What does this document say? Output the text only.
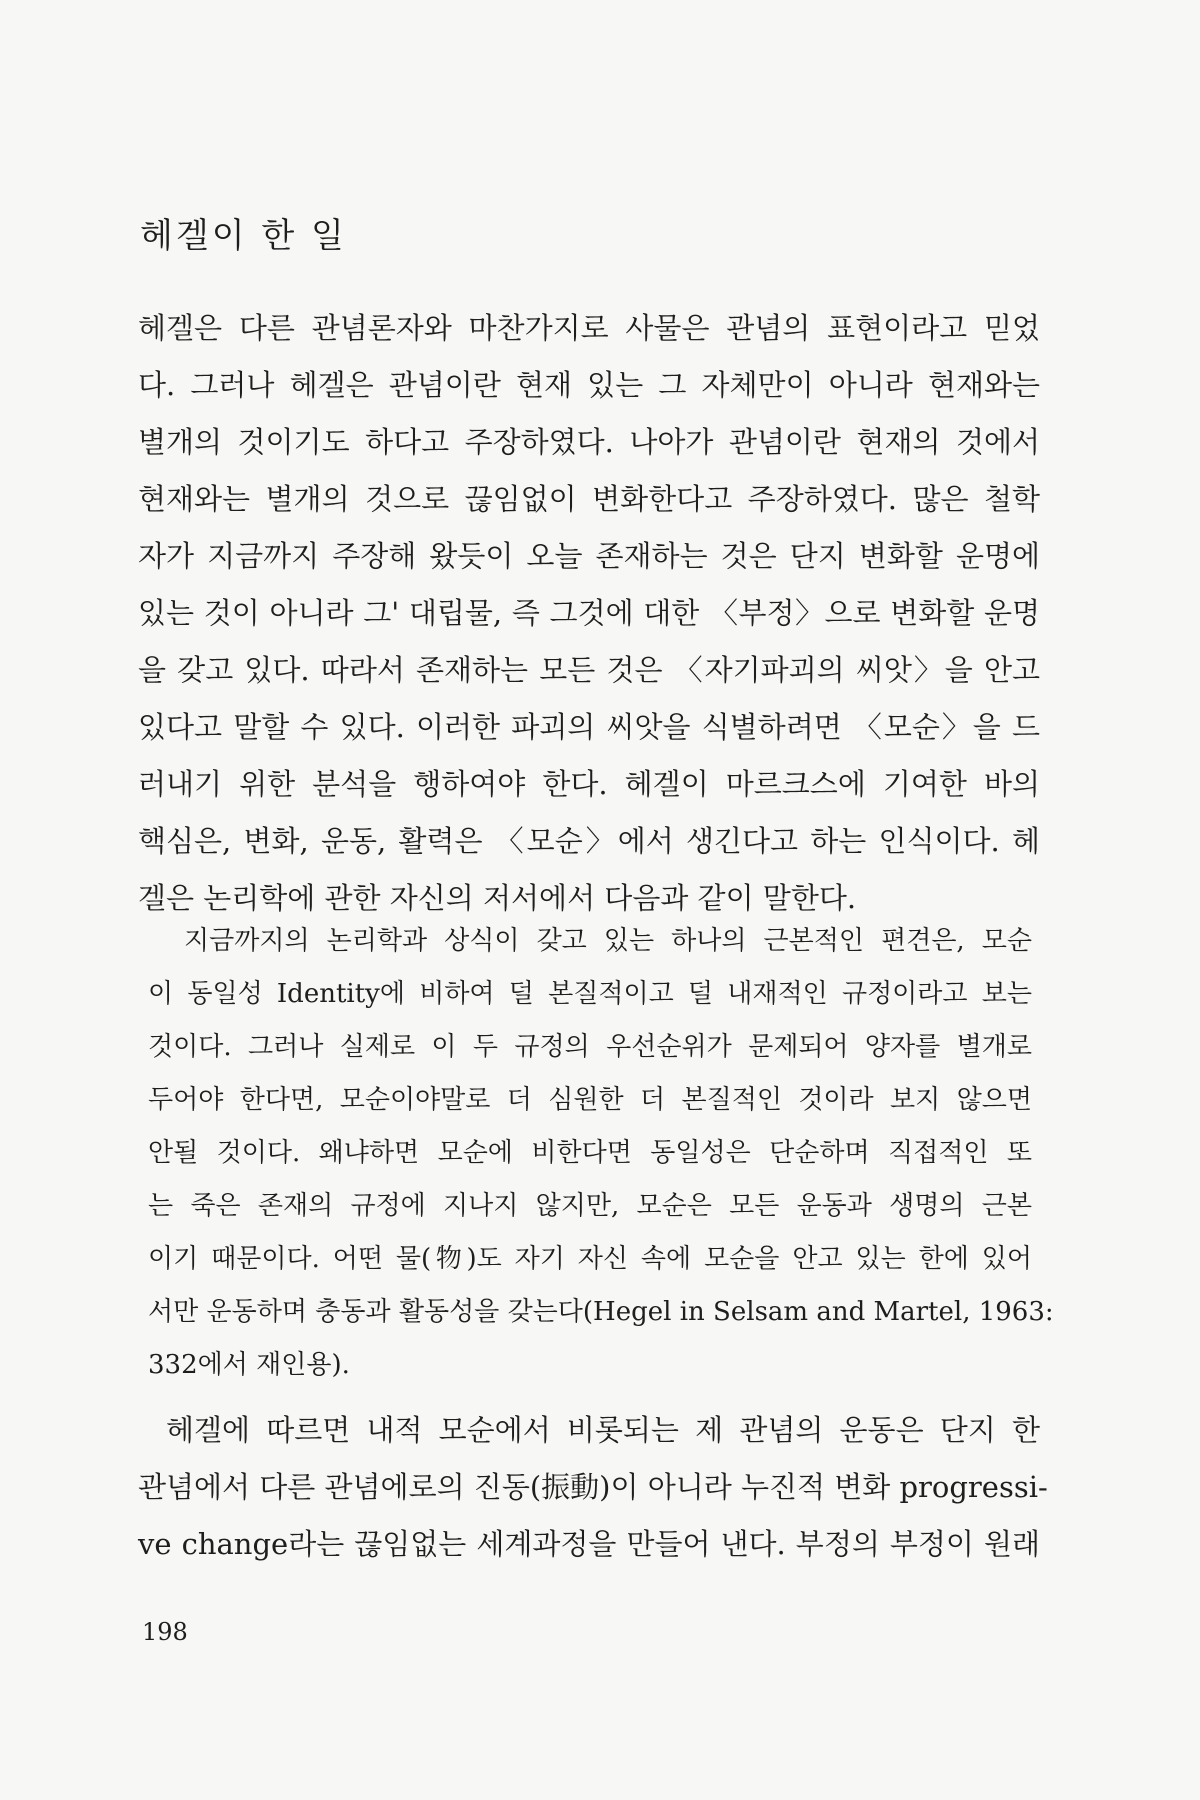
헤겔이 한 일

헤겔은 다른 관념론자와 마찬가지로 사물은 관념의 표현이라고 믿었
다. 그러나 헤겔은 관념이란 현재 있는 그 자체만이 아니라 현재와는
별개의 것이기도 하다고 주장하였다. 나아가 관념이란 현재의 것에서
현재와는 별개의 것으로 끊임없이 변화한다고 주장하였다. 많은 철학
자가 지금까지 주장해 왔듯이 오늘 존재하는 것은 단지 변화할 운명에
있는 것이 아니라 그' 대립물, 즉 그것에 대한 〈부정〉으로 변화할 운명
을 갖고 있다. 따라서 존재하는 모든 것은 〈자기파괴의 씨앗〉을 안고
있다고 말할 수 있다. 이러한 파괴의 씨앗을 식별하려면 〈모순〉을 드
러내기 위한 분석을 행하여야 한다. 헤겔이 마르크스에 기여한 바의
핵심은, 변화, 운동, 활력은 〈모순〉에서 생긴다고 하는 인식이다. 헤
겔은 논리학에 관한 자신의 저서에서 다음과 같이 말한다.

지금까지의 논리학과 상식이 갖고 있는 하나의 근본적인 편견은, 모순
이 동일성 Identity에 비하여 덜 본질적이고 덜 내재적인 규정이라고 보는
것이다. 그러나 실제로 이 두 규정의 우선순위가 문제되어 양자를 별개로
두어야 한다면, 모순이야말로 더 심원한 더 본질적인 것이라 보지 않으면
안될 것이다. 왜냐하면 모순에 비한다면 동일성은 단순하며 직접적인 또
는 죽은 존재의 규정에 지나지 않지만, 모순은 모든 운동과 생명의 근본
이기 때문이다. 어떤 물(物)도 자기 자신 속에 모순을 안고 있는 한에 있어
서만 운동하며 충동과 활동성을 갖는다(Hegel in Selsam and Martel, 1963:
332에서 재인용).

헤겔에 따르면 내적 모순에서 비롯되는 제 관념의 운동은 단지 한
관념에서 다른 관념에로의 진동(振動)이 아니라 누진적 변화 progressi-
ve change라는 끊임없는 세계과정을 만들어 낸다. 부정의 부정이 원래

198
